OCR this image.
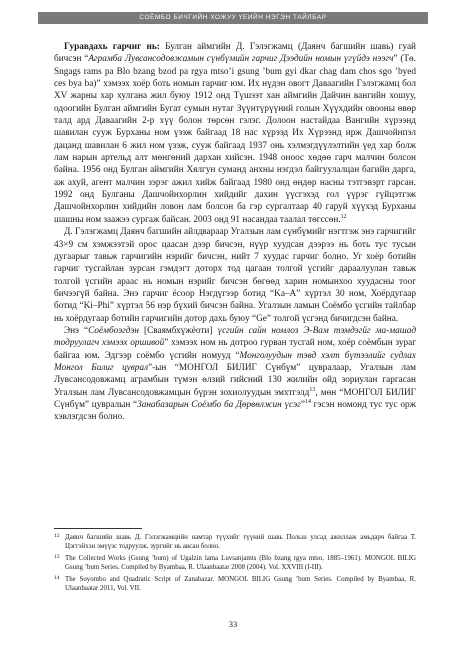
СОЁМБО БИЧГИЙН ХОЖУУ ҮЕИЙН НЭГЭН ТАЙЛБАР

Гуравдахь гарчиг нь: Булган аймгийн Д. Гэлэгжамц (Даянч багшийн шавь) гуай бичсэн “Аграмба Лувсанcодовжамын сүнбүмийн гарчиг Дээдийн номын үгүйдэ нээгч” (Tө. Sngags rams pa Blo bzang bzod pa rgya mtso’i gsung ’bum gyi dkar chag dam chos sgo ’byed ces bya ba)” хэмээх хоёр боть номын гарчиг юм. Их нүдэн овогт Даваагийн Гэлэгжамц бол XV жарны хар хулгана жил буюу 1912 онд Түшээт хан аймгийн Дайчин вангийн хошуу, одоогийн Булган аймгийн Бугат сумын нутаг Зүүнтүрүүний голын Хүүхдийн овооны өвөр талд ард Даваагийн 2-р хүү болон төрсөн гэлэг. Долоон настайдаа Вангийн хүрээнд шавилан сууж Бурханы ном үзэж байгаад 18 нас хүрээд Их Хүрээнд ирж Дашчойнпэл дацанд шавилан 6 жил ном үзэж, сууж байгаад 1937 онь хэлмэгдүүлэлтийн үед хар болж лам нарын артельд алт мөнгөний дархан хийсэн. 1948 оноос хөдөө гарч малчин болсон байна. 1956 онд Булган аймгийн Хялгун сумaнд анхны нэгдэл байгуулалцан багийн дарга, аж ахуй, агент малчин зэрэг ажил хийж байгаад 1980 онд өндөр насны тэтгэвэрт гарсан. 1992 онд Булганы Дашчойнхорлин хийдийг дахин үүсгэхэд гол үүрэг гүйцэтгэж Дашчойнхорлин хийдийн ловон лам болсон ба гэр сургалтаар 40 гаруй хүүхэд Бурханы шашны ном заажээ сургаж байсан. 2003 онд 91 насандаа таалал төгссөн.$^{12}$

Д. Гэлэгжамц Даянч багшийн айлдвараар Угалзын лам сүнбүмийг нэгтгэж энэ гарчигийг 43×9 см хэмжээтэй орос цаасан дээр бичсэн, нүүр хуудсан дээрээ нь боть тус тусын дугаарыг тавьж гарчигийн нэрийг бичсэн, нийт 7 хуудас гарчиг болно. Уг хоёр ботийн гарчиг тусгайлан зурсан гэмдэгт доторх тод цагаан толгой үсгийг дараалуулан тавьж толгой үсгийн араас нь номын нэрийг бичсэн бөгөөд харин номынхоо хуудасны тоог бичээгүй байна. Энэ гарчиг ёсоор Нэгдүгээр ботид “Ka–A” хүртэл 30 ном, Хоёрдугаар ботид “Ki–Phi” хүртэл 56 нэр бүхий бичсэн байна. Угалзын ламын Соёмбо үсгийн тайлбар нь хоёрдугаар ботийн гарчигийн дотор дахь буюу “Ge” толгой үсгэнд бичигдсэн байна.

Энэ “Соёмбоэгдэн [Сваямбхүжёоти] үсгийн сайн номлоз Э-Вам тэмдэгйг ма-машад тодруулагч хэмээх оршивой” хэмээх ном нь дотроо гурван тусгай ном, хоёр соёмбын зураг байгаа юм. Эдгээр соёмбо үсгийн номууд “Монголуудын тэвд хэлт бүтээлийг судлах Монгол Билиг цуврал”-ын “МОНГОЛ БИЛИГ Сүнбүм” цувралаар, Угалзын лам Лувсанcодовжамц аграмбын түмэн өлзий гийсний 130 жилийн ойд зориулан гаргасан Угалзын лам Лувсанcодовжамцын бүрэн зохиолуудын эмхтгэлд$^{13}$, мөн “МОНГОЛ БИЛИГ Сүнбүм” цувралын “Занабазарын Соёмбо ба Дөрвөлжин үсэг”$^{14}$ гэсэн номонд тус тус орж хэвлэгдсэн болно.

12 Даянч багшийн шавь Д. Гэлэгжамцийн намтар түүхийг түүний шавь Польш улсад ажиллаж амьдарч байгаа Т. Цэггэйхэн эмүүэс тодруулж, зургийг нь авсан болно.
13 The Collected Works (Gsung ’bum) of Ugalzin lama Luvsanjamts (Blo bzang rgya mtso, 1885–1961). MONGOL BILIG Gsung ’bum Series. Compiled by Byambaa, R. Ulaanbaatar 2008 (2004). Vol. XXVIII (I-III).
14 The Soyombo and Quadratic Script of Zanabazar. MONGOL BILIG Gsung ’bum Series. Compiled by Byambaa, R. Ulaanbaatar 2011, Vol. VII.
33
